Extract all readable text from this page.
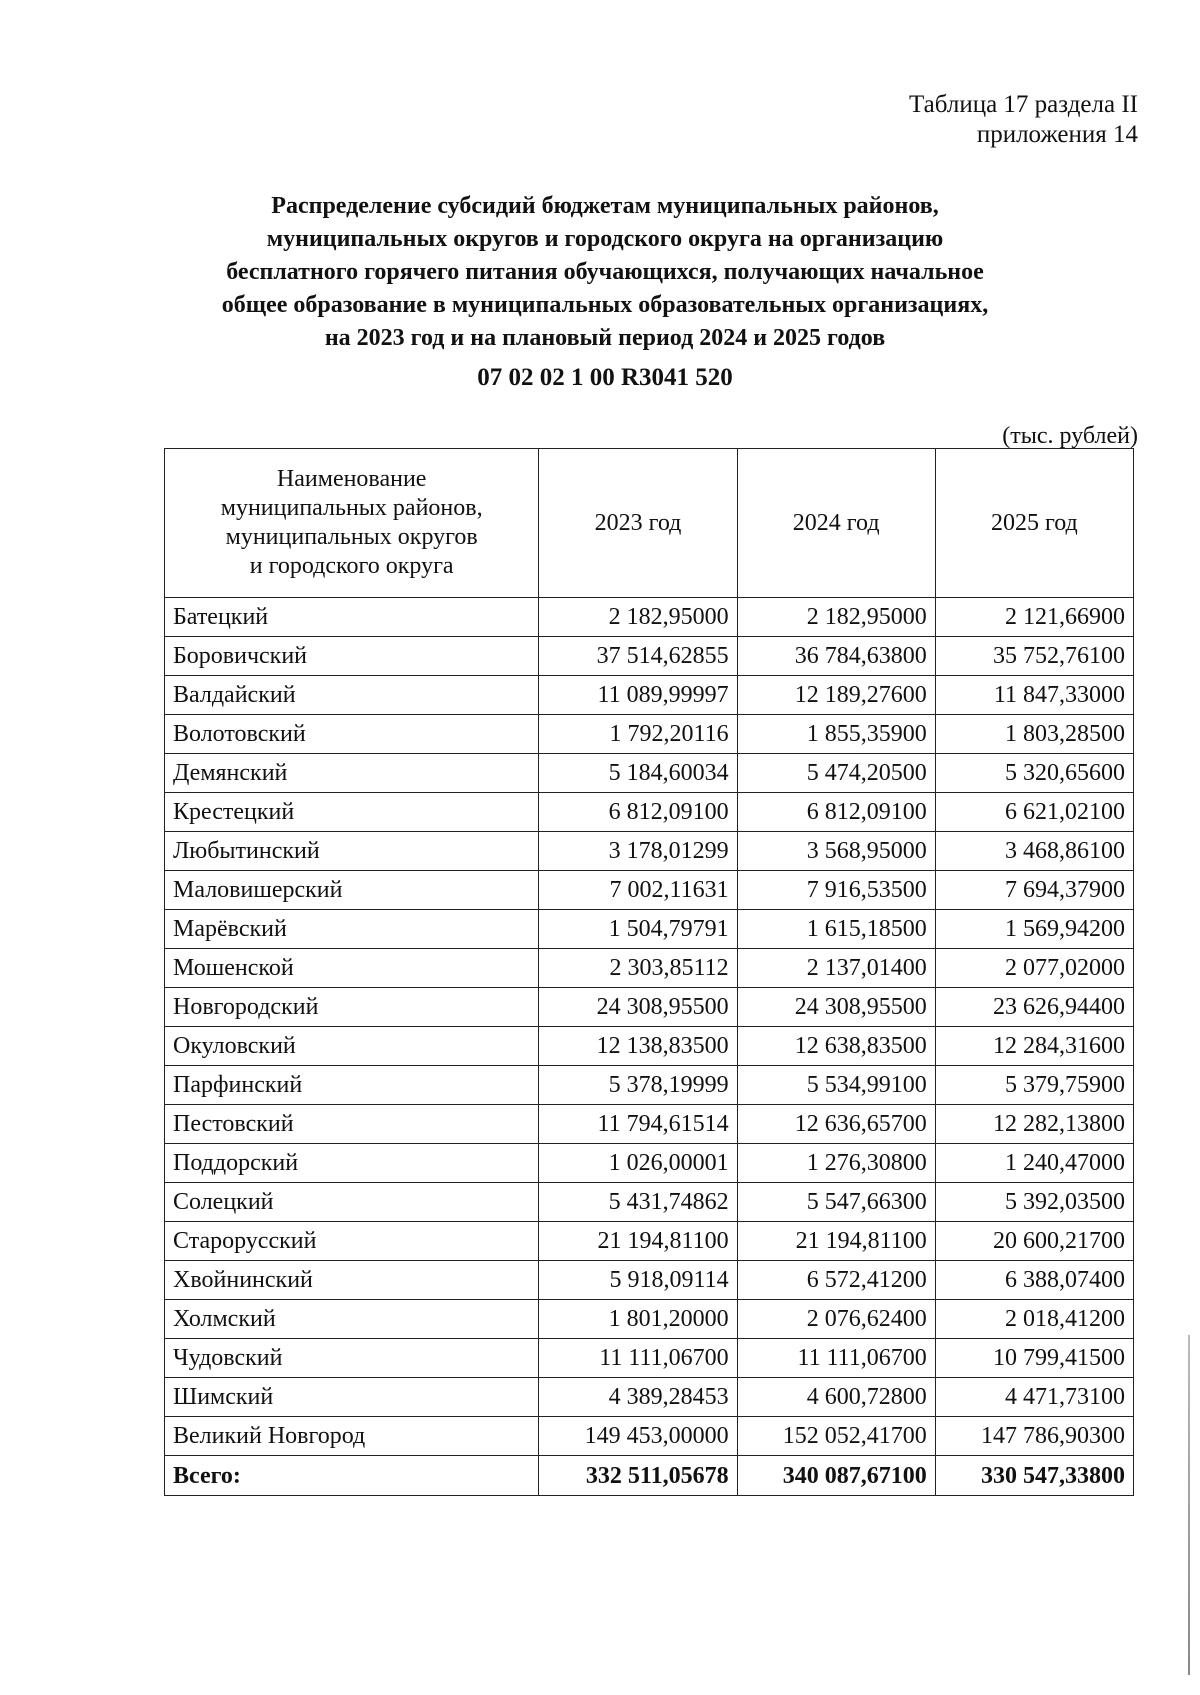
Таблица 17 раздела II
приложения 14
Распределение субсидий бюджетам муниципальных районов,
муниципальных округов и городского округа на организацию
бесплатного горячего питания обучающихся, получающих начальное
общее образование в муниципальных образовательных организациях,
на 2023 год и на плановый период 2024 и 2025 годов
07 02 02 1 00 R3041 520
(тыс. рублей)
Наименование
муниципальных районов,
муниципальных округов
и городского округа	2023 год	2024 год	2025 год
Батецкий	2 182,95000	2 182,95000	2 121,66900
Боровичский	37 514,62855	36 784,63800	35 752,76100
Валдайский	11 089,99997	12 189,27600	11 847,33000
Волотовский	1 792,20116	1 855,35900	1 803,28500
Демянский	5 184,60034	5 474,20500	5 320,65600
Крестецкий	6 812,09100	6 812,09100	6 621,02100
Любытинский	3 178,01299	3 568,95000	3 468,86100
Маловишерский	7 002,11631	7 916,53500	7 694,37900
Марёвский	1 504,79791	1 615,18500	1 569,94200
Мошенской	2 303,85112	2 137,01400	2 077,02000
Новгородский	24 308,95500	24 308,95500	23 626,94400
Окуловский	12 138,83500	12 638,83500	12 284,31600
Парфинский	5 378,19999	5 534,99100	5 379,75900
Пестовский	11 794,61514	12 636,65700	12 282,13800
Поддорский	1 026,00001	1 276,30800	1 240,47000
Солецкий	5 431,74862	5 547,66300	5 392,03500
Старорусский	21 194,81100	21 194,81100	20 600,21700
Хвойнинский	5 918,09114	6 572,41200	6 388,07400
Холмский	1 801,20000	2 076,62400	2 018,41200
Чудовский	11 111,06700	11 111,06700	10 799,41500
Шимский	4 389,28453	4 600,72800	4 471,73100
Великий Новгород	149 453,00000	152 052,41700	147 786,90300
Всего:	332 511,05678	340 087,67100	330 547,33800
